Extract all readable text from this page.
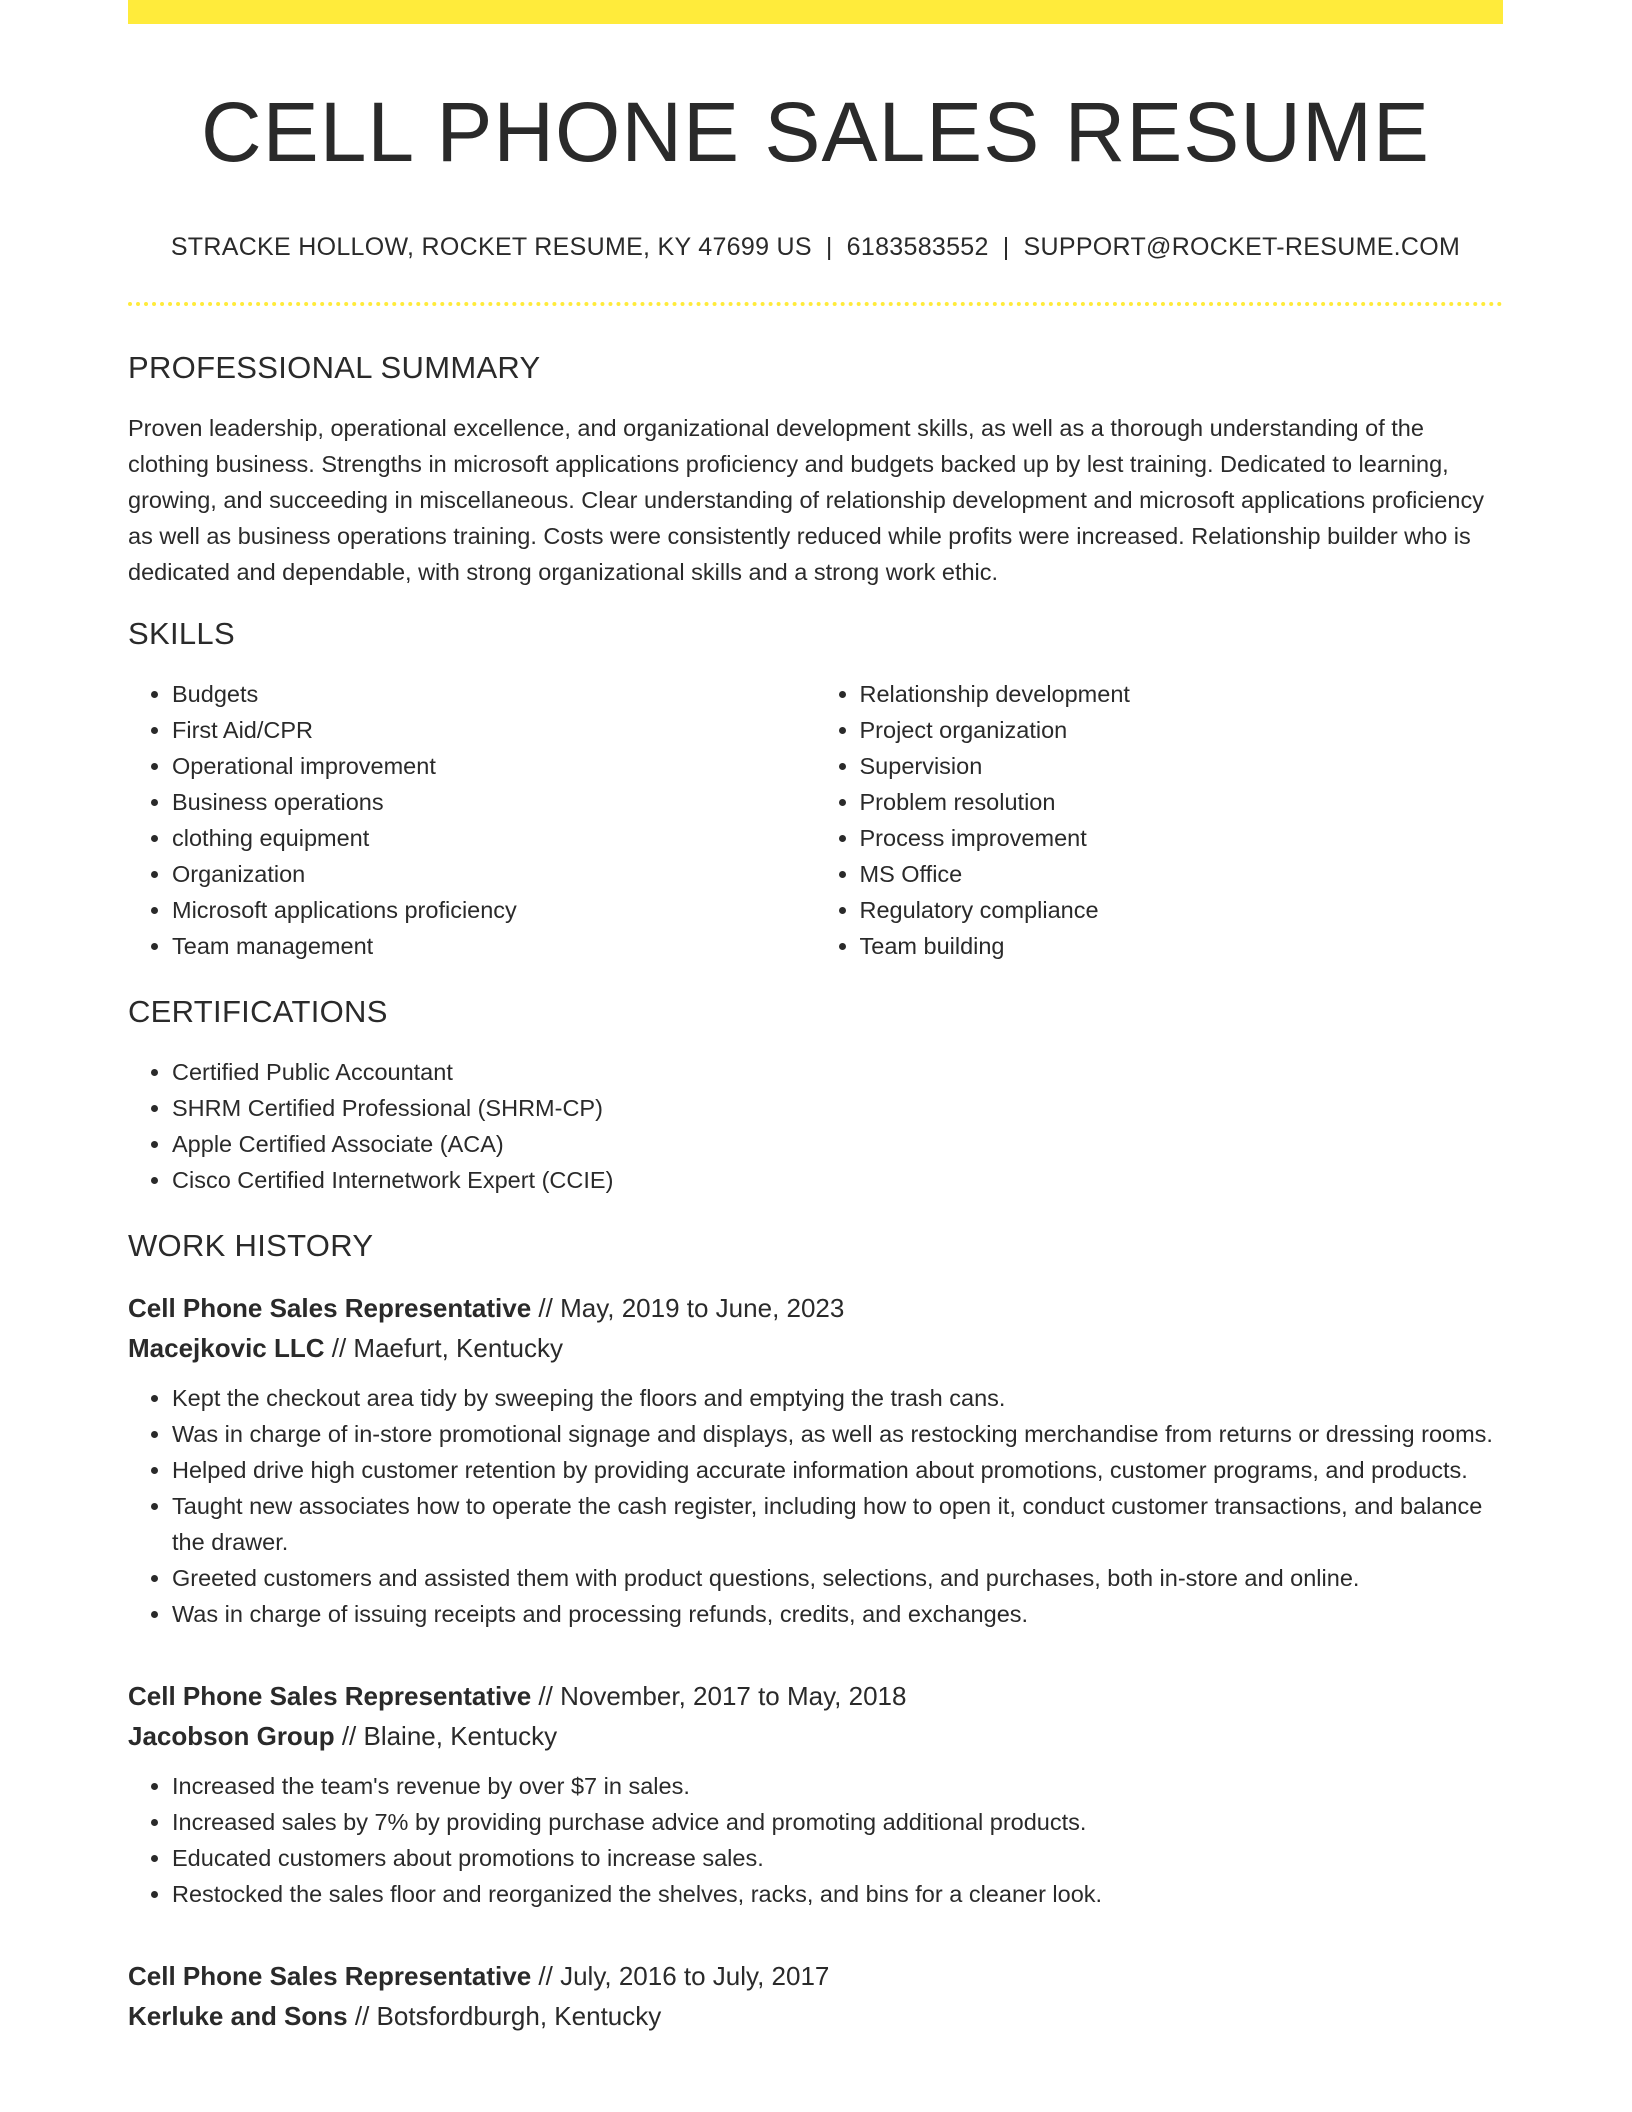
CELL PHONE SALES RESUME
STRACKE HOLLOW, ROCKET RESUME, KY 47699 US | 6183583552 | SUPPORT@ROCKET-RESUME.COM
PROFESSIONAL SUMMARY

Proven leadership, operational excellence, and organizational development skills, as well as a thorough understanding of the clothing business. Strengths in microsoft applications proficiency and budgets backed up by lest training. Dedicated to learning, growing, and succeeding in miscellaneous. Clear understanding of relationship development and microsoft applications proficiency as well as business operations training. Costs were consistently reduced while profits were increased. Relationship builder who is dedicated and dependable, with strong organizational skills and a strong work ethic.

SKILLS
• Budgets
• First Aid/CPR
• Operational improvement
• Business operations
• clothing equipment
• Organization
• Microsoft applications proficiency
• Team management
• Relationship development
• Project organization
• Supervision
• Problem resolution
• Process improvement
• MS Office
• Regulatory compliance
• Team building
CERTIFICATIONS
• Certified Public Accountant
• SHRM Certified Professional (SHRM-CP)
• Apple Certified Associate (ACA)
• Cisco Certified Internetwork Expert (CCIE)
WORK HISTORY
Cell Phone Sales Representative // May, 2019 to June, 2023
Macejkovic LLC // Maefurt, Kentucky
• Kept the checkout area tidy by sweeping the floors and emptying the trash cans.
• Was in charge of in-store promotional signage and displays, as well as restocking merchandise from returns or dressing rooms.
• Helped drive high customer retention by providing accurate information about promotions, customer programs, and products.
• Taught new associates how to operate the cash register, including how to open it, conduct customer transactions, and balance the drawer.
• Greeted customers and assisted them with product questions, selections, and purchases, both in-store and online.
• Was in charge of issuing receipts and processing refunds, credits, and exchanges.
Cell Phone Sales Representative // November, 2017 to May, 2018
Jacobson Group // Blaine, Kentucky
• Increased the team's revenue by over $7 in sales.
• Increased sales by 7% by providing purchase advice and promoting additional products.
• Educated customers about promotions to increase sales.
• Restocked the sales floor and reorganized the shelves, racks, and bins for a cleaner look.
Cell Phone Sales Representative // July, 2016 to July, 2017
Kerluke and Sons // Botsfordburgh, Kentucky
